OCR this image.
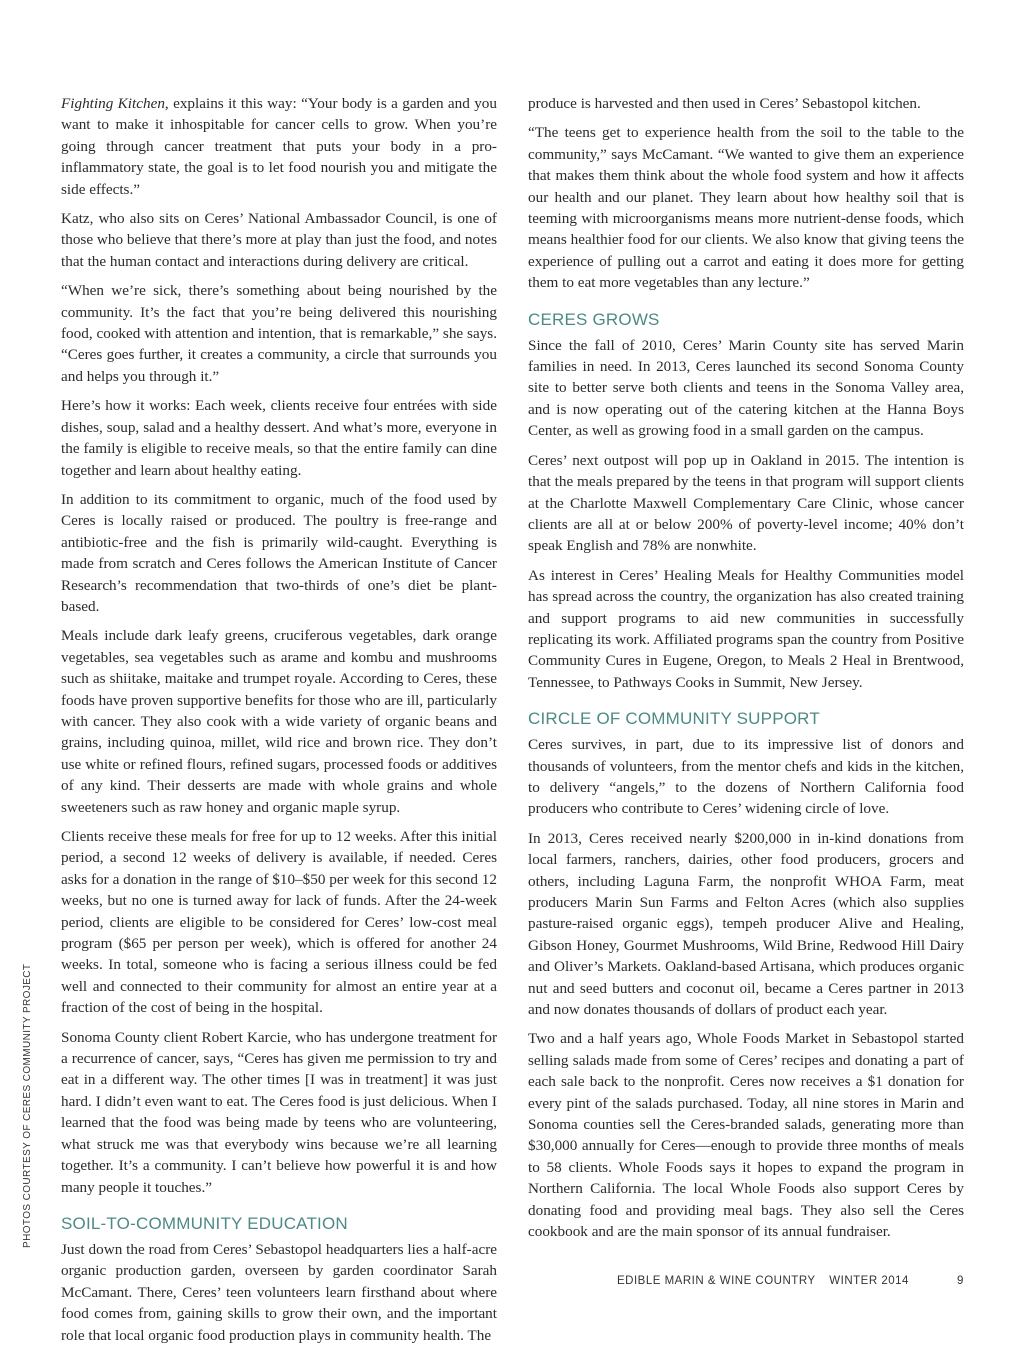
PHOTOS COURTESY OF CERES COMMUNITY PROJECT

Fighting Kitchen, explains it this way: “Your body is a garden and you want to make it inhospitable for cancer cells to grow. When you’re going through cancer treatment that puts your body in a pro-inflammatory state, the goal is to let food nourish you and mitigate the side effects.”

Katz, who also sits on Ceres’ National Ambassador Council, is one of those who believe that there’s more at play than just the food, and notes that the human contact and interactions during delivery are critical.

“When we’re sick, there’s something about being nourished by the community. It’s the fact that you’re being delivered this nourishing food, cooked with attention and intention, that is remarkable,” she says. “Ceres goes further, it creates a community, a circle that surrounds you and helps you through it.”

Here’s how it works: Each week, clients receive four entrées with side dishes, soup, salad and a healthy dessert. And what’s more, everyone in the family is eligible to receive meals, so that the entire family can dine together and learn about healthy eating.

In addition to its commitment to organic, much of the food used by Ceres is locally raised or produced. The poultry is free-range and antibiotic-free and the fish is primarily wild-caught. Everything is made from scratch and Ceres follows the American Institute of Cancer Research’s recommendation that two-thirds of one’s diet be plant-based.

Meals include dark leafy greens, cruciferous vegetables, dark orange vegetables, sea vegetables such as arame and kombu and mushrooms such as shiitake, maitake and trumpet royale. According to Ceres, these foods have proven supportive benefits for those who are ill, particularly with cancer. They also cook with a wide variety of organic beans and grains, including quinoa, millet, wild rice and brown rice. They don’t use white or refined flours, refined sugars, processed foods or additives of any kind. Their desserts are made with whole grains and whole sweeteners such as raw honey and organic maple syrup.

Clients receive these meals for free for up to 12 weeks. After this initial period, a second 12 weeks of delivery is available, if needed. Ceres asks for a donation in the range of $10–$50 per week for this second 12 weeks, but no one is turned away for lack of funds. After the 24-week period, clients are eligible to be considered for Ceres’ low-cost meal program ($65 per person per week), which is offered for another 24 weeks. In total, someone who is facing a serious illness could be fed well and connected to their community for almost an entire year at a fraction of the cost of being in the hospital.

Sonoma County client Robert Karcie, who has undergone treatment for a recurrence of cancer, says, “Ceres has given me permission to try and eat in a different way. The other times [I was in treatment] it was just hard. I didn’t even want to eat. The Ceres food is just delicious. When I learned that the food was being made by teens who are volunteering, what struck me was that everybody wins because we’re all learning together. It’s a community. I can’t believe how powerful it is and how many people it touches.”

SOIL-TO-COMMUNITY EDUCATION

Just down the road from Ceres’ Sebastopol headquarters lies a half-acre organic production garden, overseen by garden coordinator Sarah McCamant. There, Ceres’ teen volunteers learn firsthand about where food comes from, gaining skills to grow their own, and the important role that local organic food production plays in community health. The

produce is harvested and then used in Ceres’ Sebastopol kitchen.

“The teens get to experience health from the soil to the table to the community,” says McCamant. “We wanted to give them an experience that makes them think about the whole food system and how it affects our health and our planet. They learn about how healthy soil that is teeming with microorganisms means more nutrient-dense foods, which means healthier food for our clients. We also know that giving teens the experience of pulling out a carrot and eating it does more for getting them to eat more vegetables than any lecture.”

CERES GROWS

Since the fall of 2010, Ceres’ Marin County site has served Marin families in need. In 2013, Ceres launched its second Sonoma County site to better serve both clients and teens in the Sonoma Valley area, and is now operating out of the catering kitchen at the Hanna Boys Center, as well as growing food in a small garden on the campus.

Ceres’ next outpost will pop up in Oakland in 2015. The intention is that the meals prepared by the teens in that program will support clients at the Charlotte Maxwell Complementary Care Clinic, whose cancer clients are all at or below 200% of poverty-level income; 40% don’t speak English and 78% are nonwhite.

As interest in Ceres’ Healing Meals for Healthy Communities model has spread across the country, the organization has also created training and support programs to aid new communities in successfully replicating its work. Affiliated programs span the country from Positive Community Cures in Eugene, Oregon, to Meals 2 Heal in Brentwood, Tennessee, to Pathways Cooks in Summit, New Jersey.

CIRCLE OF COMMUNITY SUPPORT

Ceres survives, in part, due to its impressive list of donors and thousands of volunteers, from the mentor chefs and kids in the kitchen, to delivery “angels,” to the dozens of Northern California food producers who contribute to Ceres’ widening circle of love.

In 2013, Ceres received nearly $200,000 in in-kind donations from local farmers, ranchers, dairies, other food producers, grocers and others, including Laguna Farm, the nonprofit WHOA Farm, meat producers Marin Sun Farms and Felton Acres (which also supplies pasture-raised organic eggs), tempeh producer Alive and Healing, Gibson Honey, Gourmet Mushrooms, Wild Brine, Redwood Hill Dairy and Oliver’s Markets. Oakland-based Artisana, which produces organic nut and seed butters and coconut oil, became a Ceres partner in 2013 and now donates thousands of dollars of product each year.

Two and a half years ago, Whole Foods Market in Sebastopol started selling salads made from some of Ceres’ recipes and donating a part of each sale back to the nonprofit. Ceres now receives a $1 donation for every pint of the salads purchased. Today, all nine stores in Marin and Sonoma counties sell the Ceres-branded salads, generating more than $30,000 annually for Ceres—enough to provide three months of meals to 58 clients. Whole Foods says it hopes to expand the program in Northern California. The local Whole Foods also support Ceres by donating food and providing meal bags. They also sell the Ceres cookbook and are the main sponsor of its annual fundraiser.

EDIBLE MARIN & WINE COUNTRY WINTER 2014	9
